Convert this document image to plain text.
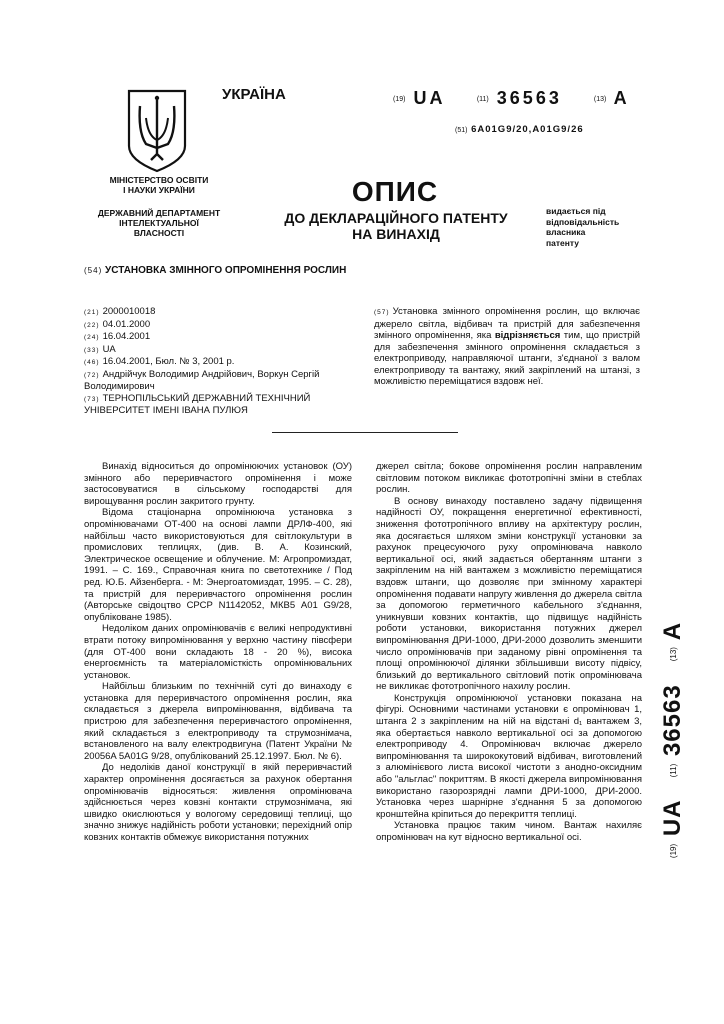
УКРАЇНА
МІНІСТЕРСТВО ОСВІТИ
І НАУКИ УКРАЇНИ
ДЕРЖАВНИЙ ДЕПАРТАМЕНТ
ІНТЕЛЕКТУАЛЬНОЇ
ВЛАСНОСТІ
(19) UA	(11) 36563	(13) A
(51) 6A01G9/20,A01G9/26
ОПИС
ДО ДЕКЛАРАЦІЙНОГО ПАТЕНТУ
НА ВИНАХІД
видається під
відповідальність
власника
патенту
(54) УСТАНОВКА ЗМІННОГО ОПРОМІНЕННЯ РОСЛИН
(21) 2000010018
(22) 04.01.2000
(24) 16.04.2001
(33) UA
(46) 16.04.2001, Бюл. № 3, 2001 р.
(72) Андрійчук Володимир Андрійович, Воркун Сергій Володимирович
(73) ТЕРНОПІЛЬСЬКИЙ ДЕРЖАВНИЙ ТЕХНІЧНИЙ УНІВЕРСИТЕТ ІМЕНІ ІВАНА ПУЛЮЯ
(57) Установка змінного опромінення рослин, що включає джерело світла, відбивач та пристрій для забезпечення змінного опромінення, яка відрізняється тим, що пристрій для забезпечення змінного опромінення складається з електроприводу, направляючої штанги, з'єднаної з валом електроприводу та вантажу, який закріплений на штанзі, з можливістю переміщатися вздовж неї.

Винахід відноситься до опромінюючих установок (ОУ) змінного або переривчастого опромінення і може застосовуватися в сільському господарстві для вирощування рослин закритого грунту.

Відома стаціонарна опромінююча установка з опромінювачами ОТ-400 на основі лампи ДРЛФ-400, які найбільш часто використовуються для світлокультури в промислових теплицях, (див. В. А. Козинский, Электрическое освещение и облучение. М: Агропромиздат, 1991. – С. 169., Справочная книга по светотехнике / Под ред. Ю.Б. Айзенберга. - М: Энергоатомиздат, 1995. – С. 28), та пристрій для переривчастого опромінення рослин (Авторське свідоцтво СРСР N1142052, МКВ5 A01 G9/28, опубліковане 1985).

Недоліком даних опромінювачів є великі непродуктивні втрати потоку випромінювання у верхню частину півсфери (для ОТ-400 вони складають 18 - 20 %), висока енергоємність та матеріаломісткість опромінювальних установок.

Найбільш близьким по технічній суті до винаходу є установка для переривчастого опромінення рослин, яка складається з джерела випромінювання, відбивача та пристрою для забезпечення переривчастого опромінення, який складається з електроприводу та струмознімача, встановленого на валу електродвигуна (Патент України № 20056A 5A01G 9/28, опублікований 25.12.1997. Бюл. № 6).

До недоліків даної конструкції в якій переривчастий характер опромінення досягається за рахунок обертання опромінювачів відносяться: живлення опромінювача здійснюється через ковзні контакти струмознімача, які швидко окислюються у вологому середовищі теплиці, що значно знижує надійність роботи установки; перехідний опір ковзних контактів обмежує використання потужних

джерел світла; бокове опромінення рослин направленим світловим потоком викликає фототропічні зміни в стеблах рослин.

В основу винаходу поставлено задачу підвищення надійності ОУ, покращення енергетичної ефективності, зниження фототропічного впливу на архітектуру рослин, яка досягається шляхом зміни конструкції установки за рахунок прецесуючого руху опромінювача навколо вертикальної осі, який задається обертанням штанги з закріпленим на ній вантажем з можливістю переміщатися вздовж штанги, що дозволяє при змінному характері опромінення подавати напругу живлення до джерела світла за допомогою герметичного кабельного з'єднання, уникнувши ковзних контактів, що підвищує надійність роботи установки, використання потужних джерел випромінювання ДРИ-1000, ДРИ-2000 дозволить зменшити число опромінювачів при заданому рівні опромінення та площі опромінюючої ділянки збільшивши висоту підвісу, близький до вертикального світловий потік опромінювача не викликає фототропічного нахилу рослин.

Конструкція опромінюючої установки показана на фігурі. Основними частинами установки є опромінювач 1, штанга 2 з закріпленим на ній на відстані d₁ вантажем 3, яка обертається навколо вертикальної осі за допомогою електроприводу 4. Опромінювач включає джерело випромінювання та ширококутовий відбивач, виготовлений з алюмінієвого листа високої чистоти з анодно-оксидним або "альглас" покриттям. В якості джерела випромінювання використано газорозрядні лампи ДРИ-1000, ДРИ-2000. Установка через шарнірне з'єднання 5 за допомогою кронштейна кріпиться до перекриття теплиці.

Установка працює таким чином. Вантаж нахиляє опромінювач на кут відносно вертикальної осі.

(19) UA   (11) 36563   (13) A
